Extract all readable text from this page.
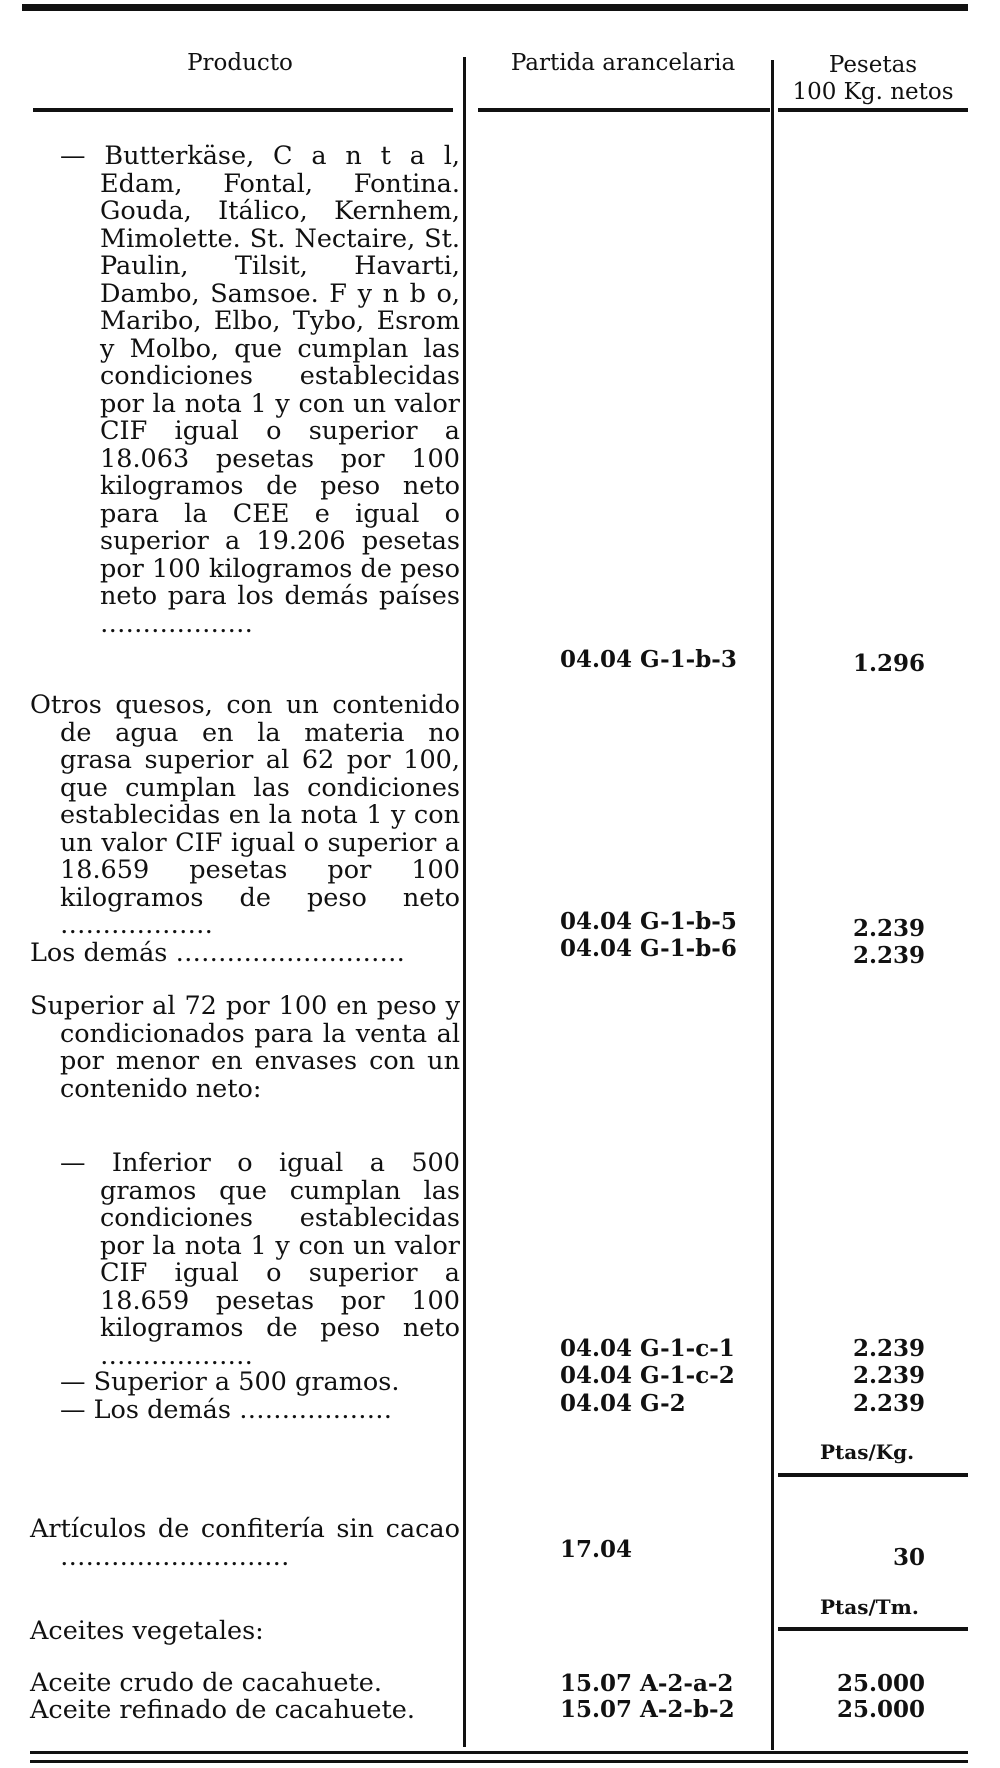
Producto	Partida arancelaria	Pesetas
100 Kg. netos

— Butterkäse, C a n t a l, Edam, Fontal, Fontina. Gouda, Itálico, Kernhem, Mimolette. St. Nectaire, St. Paulin, Tilsit, Havarti, Dambo, Samsoe. F y n b o, Maribo, Elbo, Tybo, Esrom y Molbo, que cumplan las condiciones establecidas por la nota 1 y con un valor CIF igual o superior a 18.063 pesetas por 100 kilogramos de peso neto para la CEE e igual o superior a 19.206 pesetas por 100 kilogramos de peso neto para los demás países ………………

Otros quesos, con un contenido de agua en la materia no grasa superior al 62 por 100, que cumplan las condiciones establecidas en la nota 1 y con un valor CIF igual o superior a 18.659 pesetas por 100 kilogramos de peso neto ………………

Los demás ………………………

Superior al 72 por 100 en peso y condicionados para la venta al por menor en envases con un contenido neto:

— Inferior o igual a 500 gramos que cumplan las condiciones establecidas por la nota 1 y con un valor CIF igual o superior a 18.659 pesetas por 100 kilogramos de peso neto ………………

— Superior a 500 gramos.

— Los demás ………………

Artículos de confitería sin cacao ………………………

Aceites vegetales:

Aceite crudo de cacahuete.

Aceite refinado de cacahuete.

04.04 G-1-b-3
04.04 G-1-b-5
04.04 G-1-b-6
04.04 G-1-c-1
04.04 G-1-c-2
04.04 G-2
17.04
15.07 A-2-a-2
15.07 A-2-b-2
1.296
2.239
2.239
2.239
2.239
2.239
30
25.000
25.000
Ptas/Kg.
Ptas/Tm.
